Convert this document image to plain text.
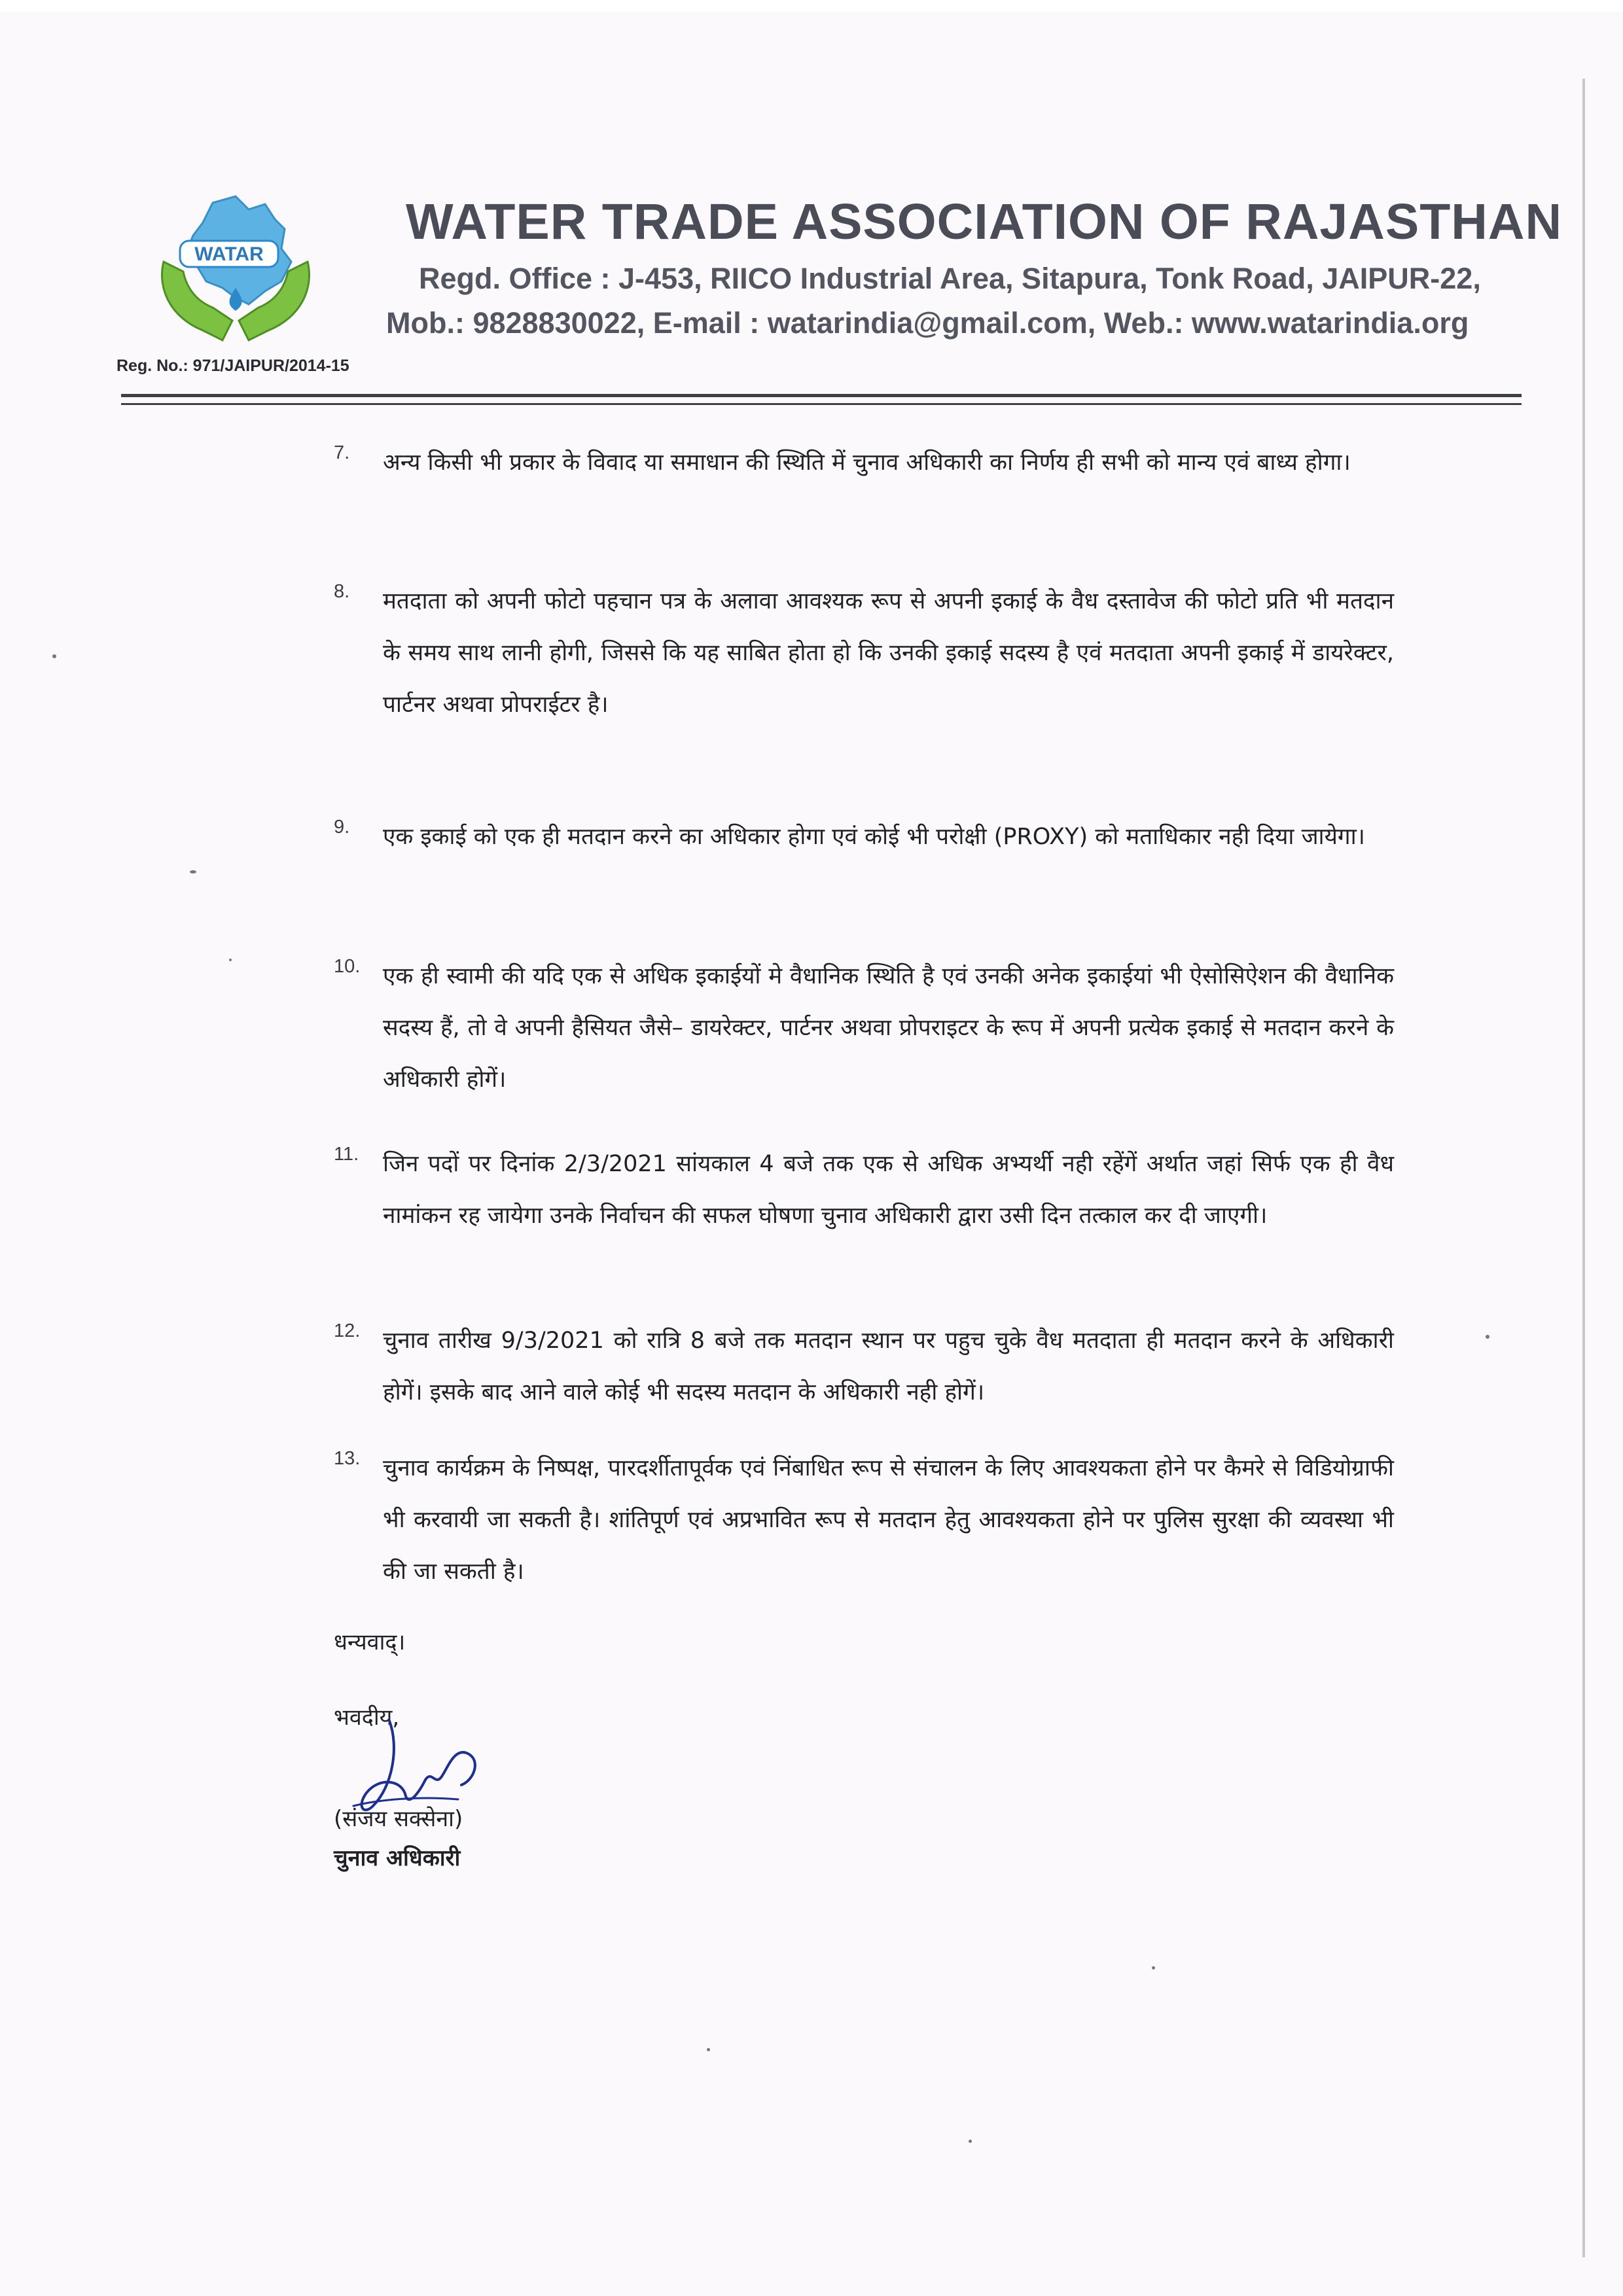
WATAR
Reg. No.: 971/JAIPUR/2014-15
WATER TRADE ASSOCIATION OF RAJASTHAN
Regd. Office : J-453, RIICO Industrial Area, Sitapura, Tonk Road, JAIPUR-22,
Mob.: 9828830022, E-mail : watarindia@gmail.com, Web.: www.watarindia.org
7. अन्य किसी भी प्रकार के विवाद या समाधान की स्थिति में चुनाव अधिकारी का निर्णय ही सभी को मान्य एवं बाध्य होगा।
8. मतदाता को अपनी फोटो पहचान पत्र के अलावा आवश्यक रूप से अपनी इकाई के वैध दस्तावेज की फोटो प्रति भी मतदान के समय साथ लानी होगी, जिससे कि यह साबित होता हो कि उनकी इकाई सदस्य है एवं मतदाता अपनी इकाई में डायरेक्टर, पार्टनर अथवा प्रोपराईटर है।
9. एक इकाई को एक ही मतदान करने का अधिकार होगा एवं कोई भी परोक्षी (PROXY) को मताधिकार नही दिया जायेगा।
10. एक ही स्वामी की यदि एक से अधिक इकाईयों मे वैधानिक स्थिति है एवं उनकी अनेक इकाईयां भी ऐसोसिऐशन की वैधानिक सदस्य हैं, तो वे अपनी हैसियत जैसे– डायरेक्टर, पार्टनर अथवा प्रोपराइटर के रूप में अपनी प्रत्येक इकाई से मतदान करने के अधिकारी होगें।
11. जिन पदों पर दिनांक 2/3/2021 सांयकाल 4 बजे तक एक से अधिक अभ्यर्थी नही रहेंगें अर्थात जहां सिर्फ एक ही वैध नामांकन रह जायेगा उनके निर्वाचन की सफल घोषणा चुनाव अधिकारी द्वारा उसी दिन तत्काल कर दी जाएगी।
12. चुनाव तारीख 9/3/2021 को रात्रि 8 बजे तक मतदान स्थान पर पहुच चुके वैध मतदाता ही मतदान करने के अधिकारी होगें। इसके बाद आने वाले कोई भी सदस्य मतदान के अधिकारी नही होगें।
13. चुनाव कार्यक्रम के निष्पक्ष, पारदर्शीतापूर्वक एवं निंबाधित रूप से संचालन के लिए आवश्यकता होने पर कैमरे से विडियोग्राफी भी करवायी जा सकती है। शांतिपूर्ण एवं अप्रभावित रूप से मतदान हेतु आवश्यकता होने पर पुलिस सुरक्षा की व्यवस्था भी की जा सकती है।
धन्यवाद्।
भवदीय,
(संजय सक्सेना)
चुनाव अधिकारी
